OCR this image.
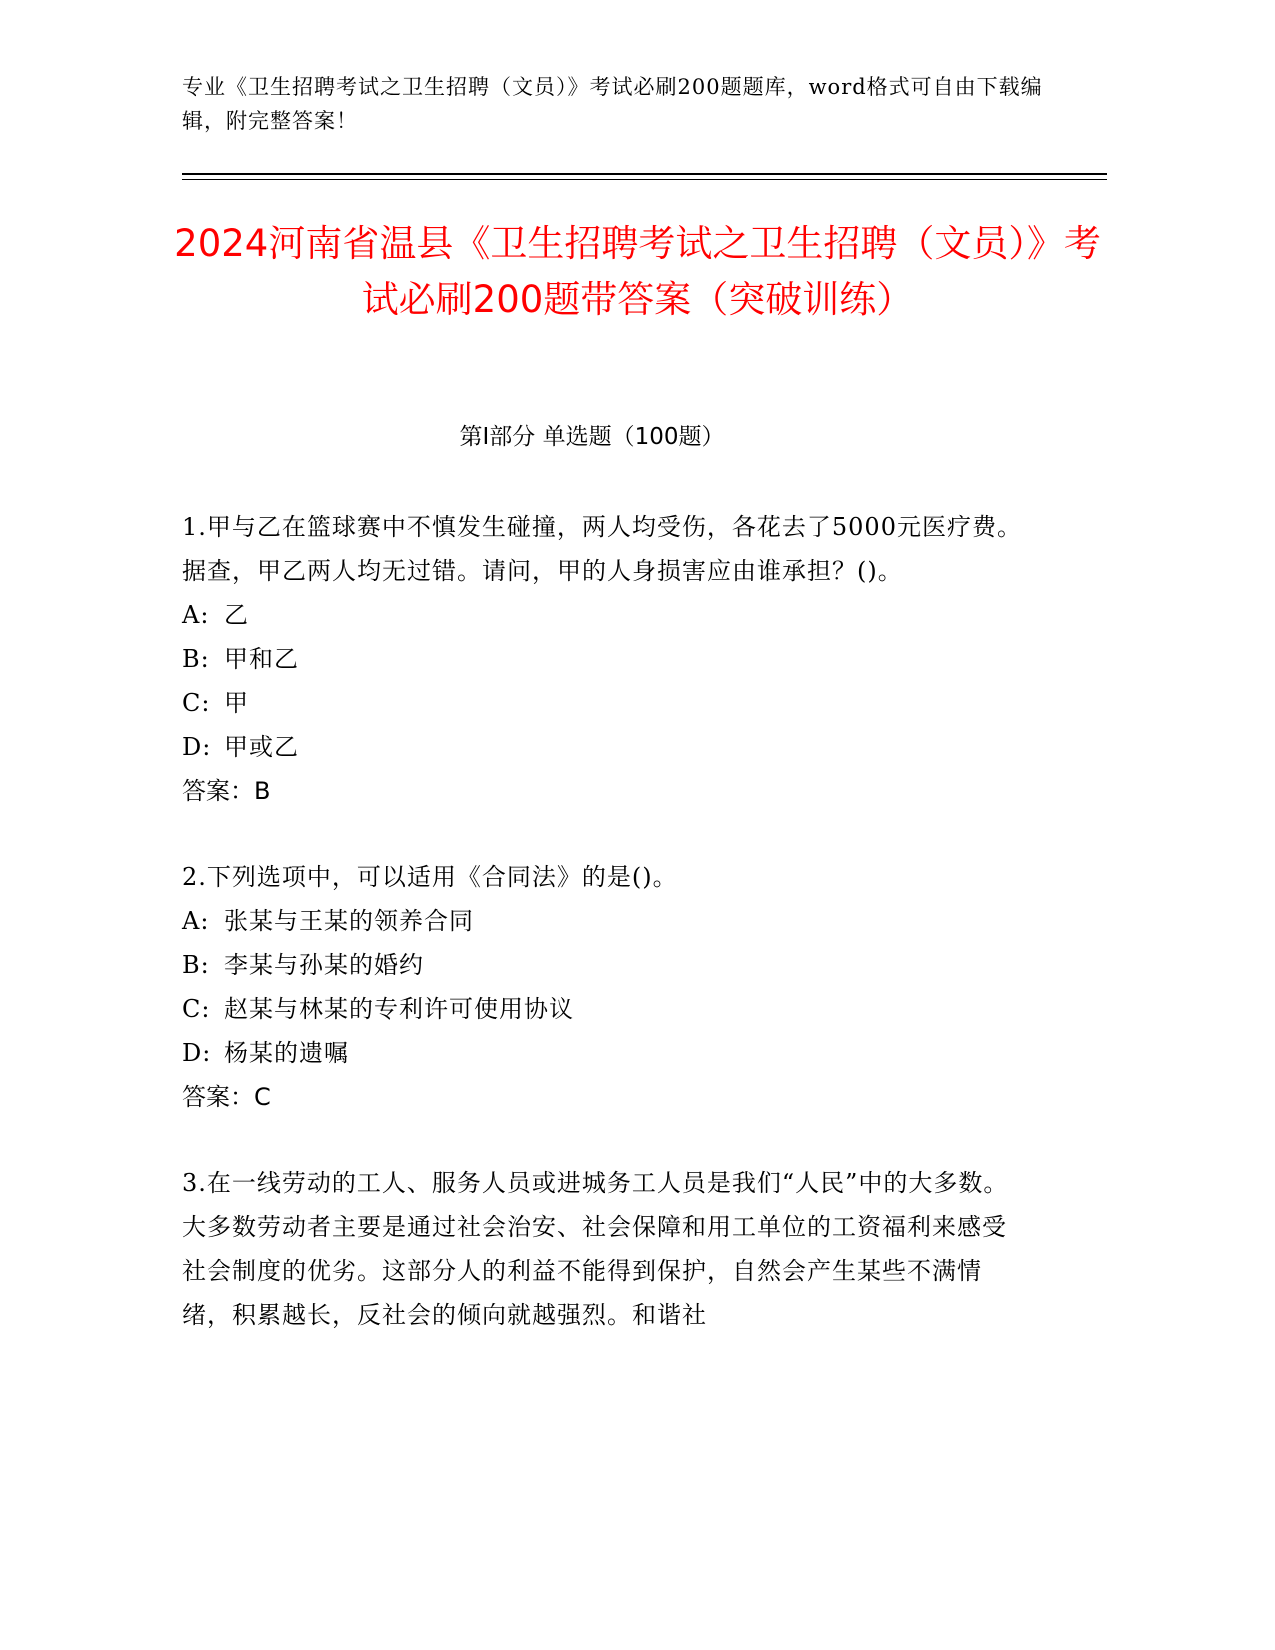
专业《卫生招聘考试之卫生招聘（文员）》考试必刷200题题库，word格式可自由下载编辑，附完整答案！
2024河南省温县《卫生招聘考试之卫生招聘（文员）》考试必刷200题带答案（突破训练）
第Ⅰ部分 单选题（100题）

1.甲与乙在篮球赛中不慎发生碰撞，两人均受伤，各花去了5000元医疗费。据查，甲乙两人均无过错。请问，甲的人身损害应由谁承担？()。

A: 乙
B: 甲和乙
C: 甲
D: 甲或乙
答案：B

2.下列选项中，可以适用《合同法》的是()。

A: 张某与王某的领养合同
B: 李某与孙某的婚约
C: 赵某与林某的专利许可使用协议
D: 杨某的遗嘱
答案：C

3.在一线劳动的工人、服务人员或进城务工人员是我们“人民”中的大多数。大多数劳动者主要是通过社会治安、社会保障和用工单位的工资福利来感受社会制度的优劣。这部分人的利益不能得到保护，自然会产生某些不满情绪，积累越长，反社会的倾向就越强烈。和谐社
